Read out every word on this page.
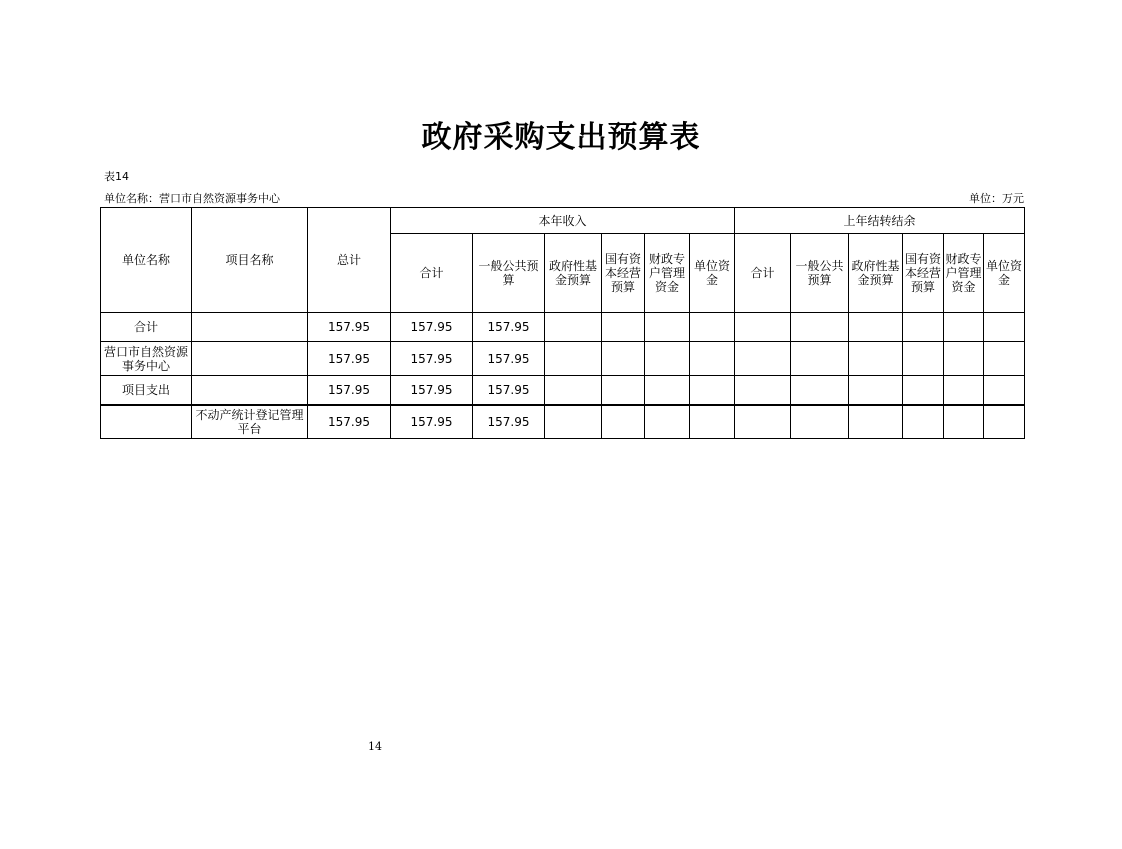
政府采购支出预算表
表14
单位名称：营口市自然资源事务中心	单位：万元
单位名称	项目名称	总计	本年收入						上年结转结余					
			合计	一般公共预算	政府性基金预算	国有资本经营预算	财政专户管理资金	单位资金	合计	一般公共预算	政府性基金预算	国有资本经营预算	财政专户管理资金	单位资金
合计		157.95	157.95	157.95										
营口市自然资源事务中心		157.95	157.95	157.95										
项目支出		157.95	157.95	157.95										
	不动产统计登记管理平台	157.95	157.95	157.95										
14
